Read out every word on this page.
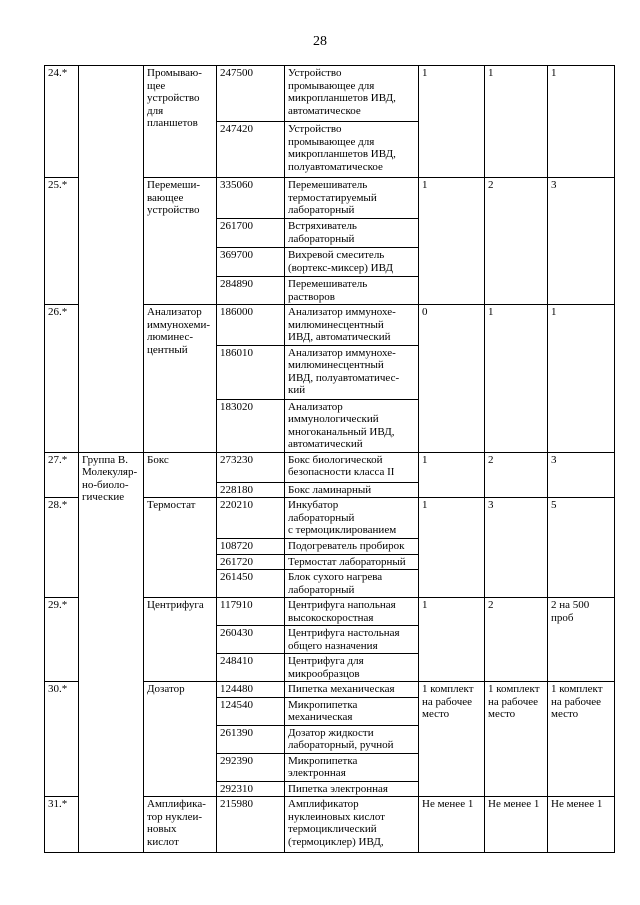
28
24.*		Промываю-
щее
устройство
для
планшетов	247500	Устройство
промывающее для
микропланшетов ИВД,
автоматическое	1	1	1
			247420	Устройство
промывающее для
микропланшетов ИВД,
полуавтоматическое			
25.*		Перемеши-
вающее
устройство	335060	Перемешиватель
термостатируемый
лабораторный	1	2	3
			261700	Встряхиватель
лабораторный			
			369700	Вихревой смеситель
(вортекс-миксер) ИВД			
			284890	Перемешиватель
растворов			
26.*		Анализатор
иммунохеми-
люминес-
центный	186000	Анализатор иммунохе-
милюминесцентный
ИВД, автоматический	0	1	1
			186010	Анализатор иммунохе-
милюминесцентный
ИВД, полуавтоматичес-
кий			
			183020	Анализатор
иммунологический
многоканальный ИВД,
автоматический			
27.*	Группа В.
Молекуляр-
но-биоло-
гические	Бокс	273230	Бокс биологической
безопасности класса II	1	2	3
			228180	Бокс ламинарный			
28.*		Термостат	220210	Инкубатор
лабораторный
с термоциклированием	1	3	5
			108720	Подогреватель пробирок			
			261720	Термостат лабораторный			
			261450	Блок сухого нагрева
лабораторный			
29.*		Центрифуга	117910	Центрифуга напольная
высокоскоростная	1	2	2 на 500
проб
			260430	Центрифуга настольная
общего назначения			
			248410	Центрифуга для
микрообразцов			
30.*		Дозатор	124480	Пипетка механическая	1 комплект
на рабочее
место	1 комплект
на рабочее
место	1 комплект
на рабочее
место
			124540	Микропипетка
механическая			
			261390	Дозатор жидкости
лабораторный, ручной			
			292390	Микропипетка
электронная			
			292310	Пипетка электронная			
31.*		Амплифика-
тор нуклеи-
новых
кислот	215980	Амплификатор
нуклеиновых кислот
термоциклический
(термоциклер) ИВД,	Не менее 1	Не менее 1	Не менее 1
